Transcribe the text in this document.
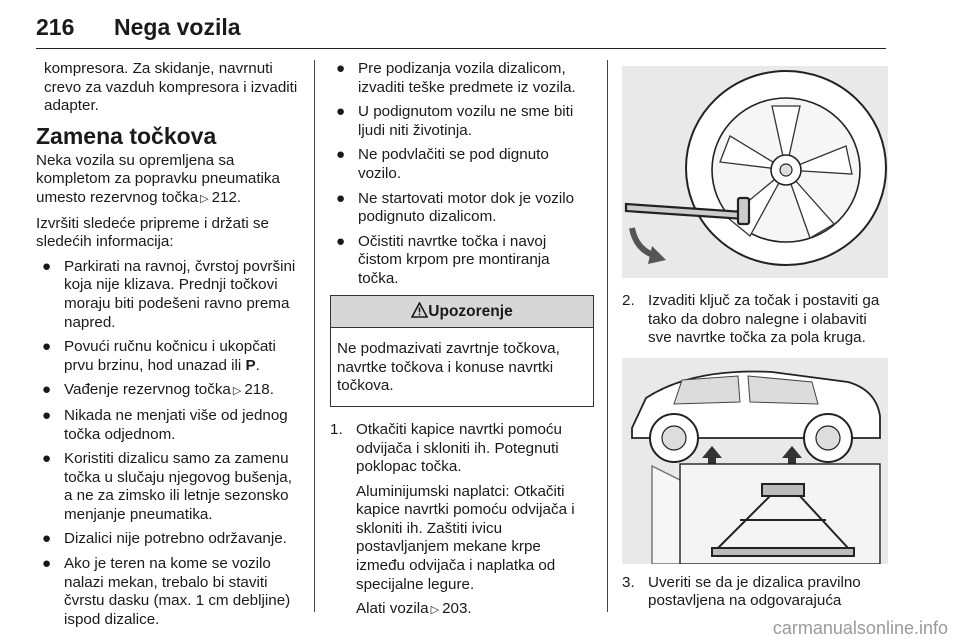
216 Nega vozila

kompresora. Za skidanje, navrnuti crevo za vazduh kompresora i izvaditi adapter.

Zamena točkova

Neka vozila su opremljena sa kompletom za popravku pneumatika umesto rezervnog točka ▷ 212.

Izvršiti sledeće pripreme i držati se sledećih informacija:

● Parkirati na ravnoj, čvrstoj površini koja nije klizava. Prednji točkovi moraju biti podešeni ravno prema napred.
● Povući ručnu kočnicu i ukopčati prvu brzinu, hod unazad ili P.
● Vađenje rezervnog točka ▷ 218.
● Nikada ne menjati više od jednog točka odjednom.
● Koristiti dizalicu samo za zamenu točka u slučaju njegovog bušenja, a ne za zimsko ili letnje sezonsko menjanje pneumatika.
● Dizalici nije potrebno održavanje.
● Ako je teren na kome se vozilo nalazi mekan, trebalo bi staviti čvrstu dasku (max. 1 cm debljine) ispod dizalice.
● Pre podizanja vozila dizalicom, izvaditi teške predmete iz vozila.
● U podignutom vozilu ne sme biti ljudi niti životinja.
● Ne podvlačiti se pod dignuto vozilo.
● Ne startovati motor dok je vozilo podignuto dizalicom.
● Očistiti navrtke točka i navoj čistom krpom pre montiranja točka.
Upozorenje
Ne podmazivati zavrtnje točkova, navrtke točkova i konuse navrtki točkova.
1. Otkačiti kapice navrtki pomoću odvijača i skloniti ih. Potegnuti poklopac točka.

Aluminijumski naplatci: Otkačiti kapice navrtki pomoću odvijača i skloniti ih. Zaštiti ivicu postavljanjem mekane krpe između odvijača i naplatka od specijalne legure.

Alati vozila ▷ 203.

2. Izvaditi ključ za točak i postaviti ga tako da dobro nalegne i olabaviti sve navrtke točka za pola kruga.

3. Uveriti se da je dizalica pravilno postavljena na odgovarajuća

carmanualsonline.info
